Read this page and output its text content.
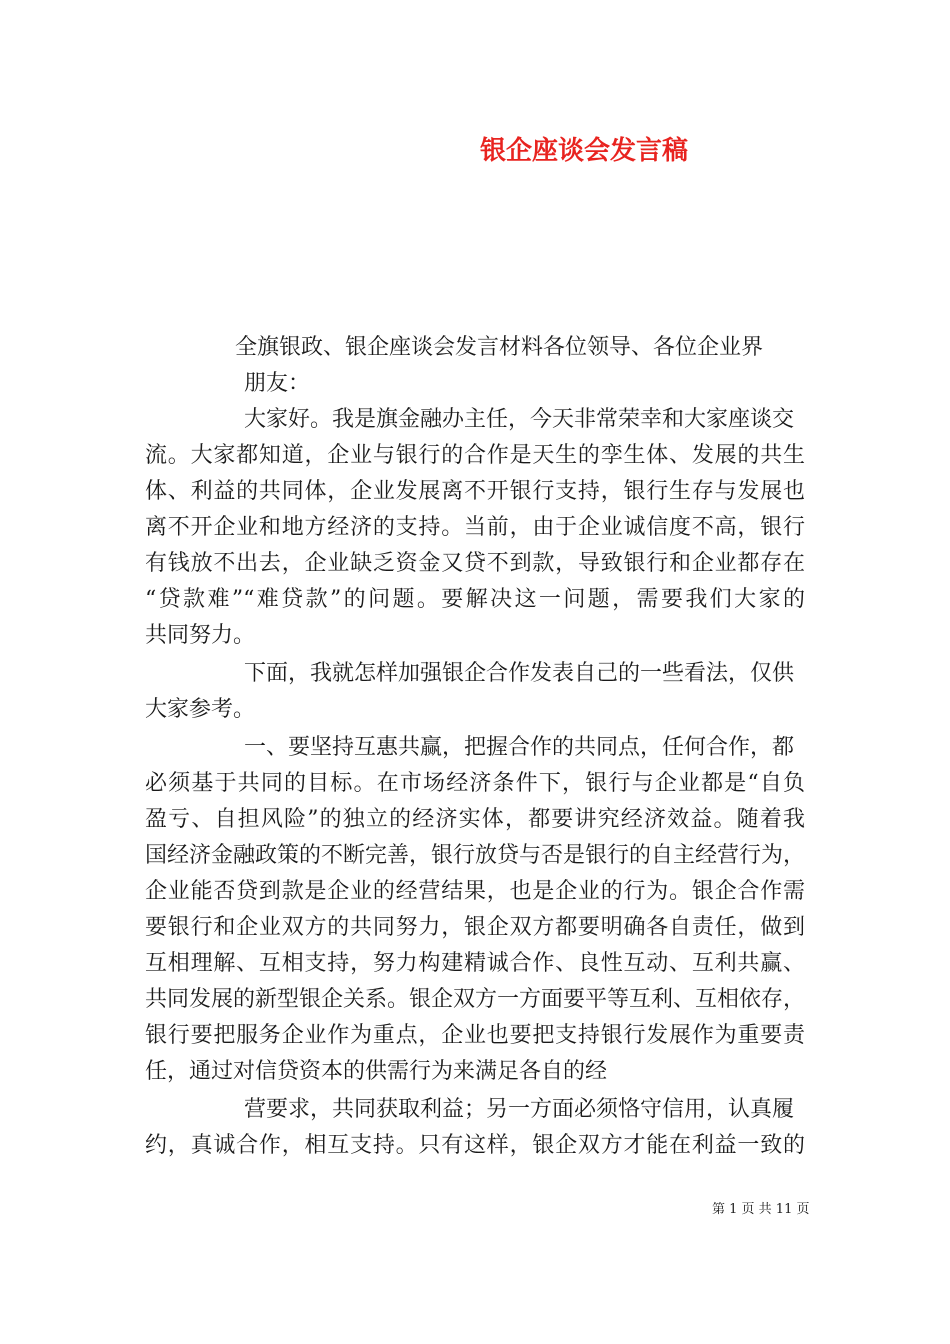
银企座谈会发言稿

全旗银政、银企座谈会发言材料各位领导、各位企业界

朋友：

大家好。我是旗金融办主任，今天非常荣幸和大家座谈交

流。大家都知道，企业与银行的合作是天生的孪生体、发展的共生

体、利益的共同体，企业发展离不开银行支持，银行生存与发展也

离不开企业和地方经济的支持。当前，由于企业诚信度不高，银行

有钱放不出去，企业缺乏资金又贷不到款，导致银行和企业都存在

“贷款难”“难贷款”的问题。要解决这一问题，需要我们大家的

共同努力。

下面，我就怎样加强银企合作发表自己的一些看法，仅供

大家参考。

一、要坚持互惠共赢，把握合作的共同点，任何合作，都

必须基于共同的目标。在市场经济条件下，银行与企业都是“自负

盈亏、自担风险”的独立的经济实体，都要讲究经济效益。随着我

国经济金融政策的不断完善，银行放贷与否是银行的自主经营行为，

企业能否贷到款是企业的经营结果，也是企业的行为。银企合作需

要银行和企业双方的共同努力，银企双方都要明确各自责任，做到

互相理解、互相支持，努力构建精诚合作、良性互动、互利共赢、

共同发展的新型银企关系。银企双方一方面要平等互利、互相依存，

银行要把服务企业作为重点，企业也要把支持银行发展作为重要责

任，通过对信贷资本的供需行为来满足各自的经

营要求，共同获取利益；另一方面必须恪守信用，认真履

约，真诚合作，相互支持。只有这样，银企双方才能在利益一致的

第 1 页 共 11 页
